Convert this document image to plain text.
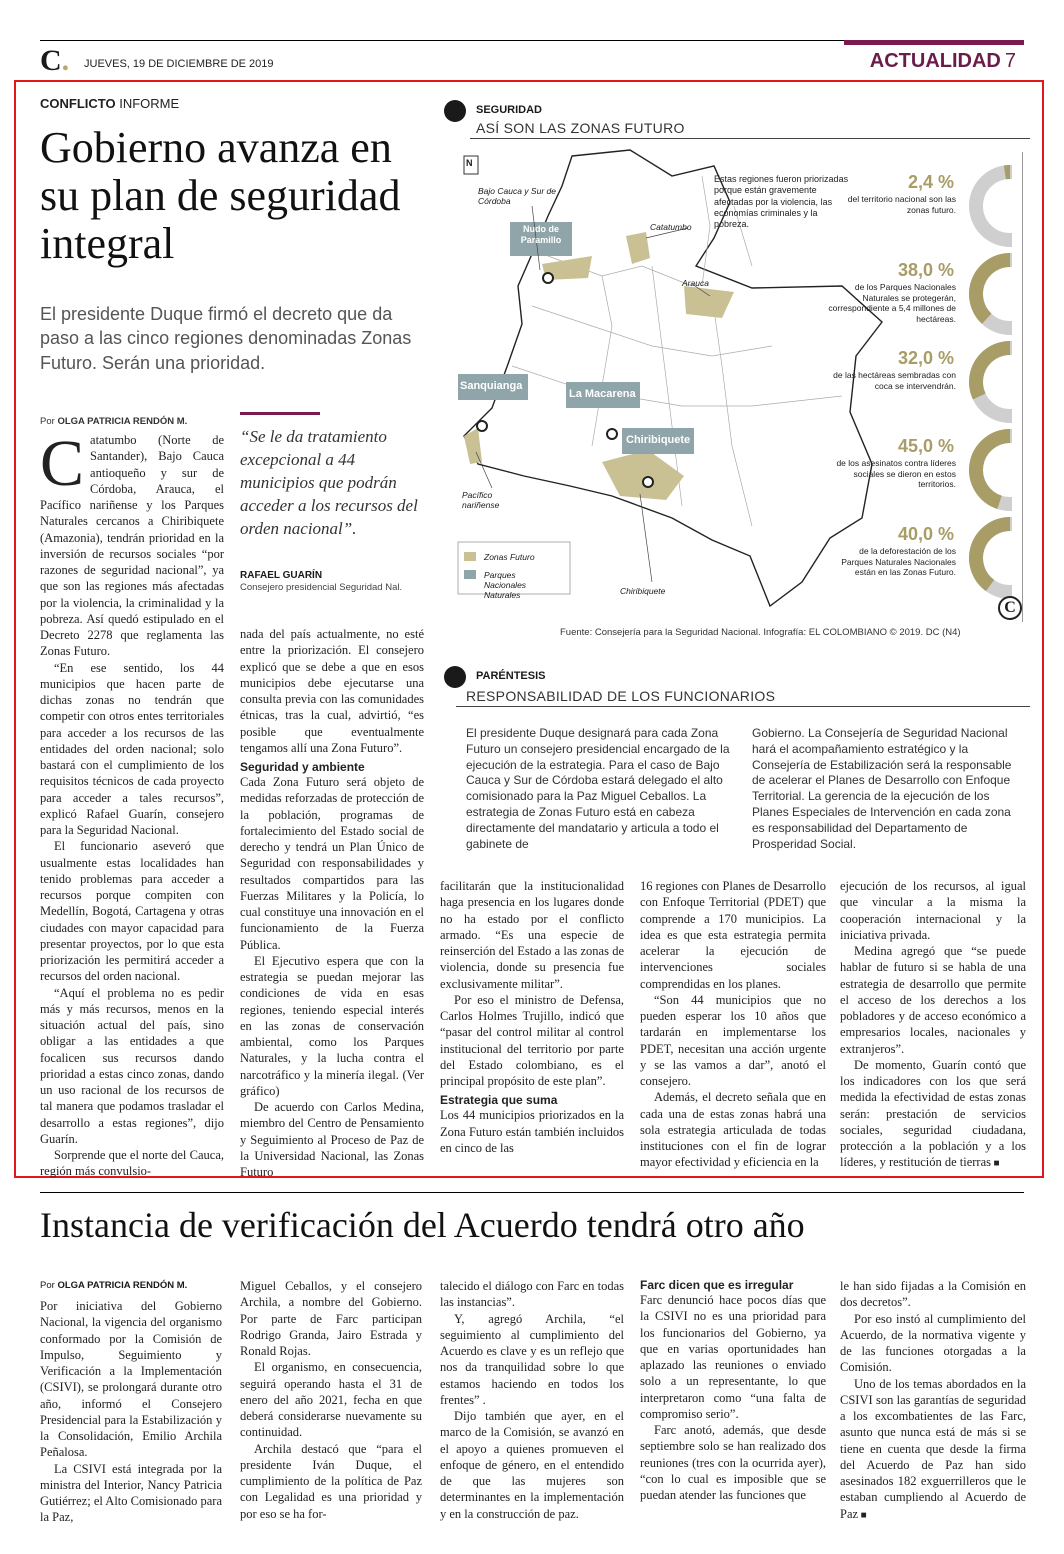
C. JUEVES, 19 DE DICIEMBRE DE 2019	ACTUALIDAD 7
CONFLICTO INFORME
Gobierno avanza en su plan de seguridad integral
El presidente Duque firmó el decreto que da paso a las cinco regiones denominadas Zonas Futuro. Serán una prioridad.
Por OLGA PATRICIA RENDÓN M.
C atatumbo (Norte de Santander), Bajo Cauca antioqueño y sur de Córdoba, Arauca, el Pacífico nariñense y los Parques Naturales cercanos a Chiribiquete (Amazonia), tendrán prioridad en la inversión de recursos sociales “por razones de seguridad nacional”, ya que son las regiones más afectadas por la violencia, la criminalidad y la pobreza. Así quedó estipulado en el Decreto 2278 que reglamenta las Zonas Futuro.

“En ese sentido, los 44 municipios que hacen parte de dichas zonas no tendrán que competir con otros entes territoriales para acceder a los recursos de las entidades del orden nacional; solo bastará con el cumplimiento de los requisitos técnicos de cada proyecto para acceder a tales recursos”, explicó Rafael Guarín, consejero para la Seguridad Nacional.

El funcionario aseveró que usualmente estas localidades han tenido problemas para acceder a recursos porque compiten con Medellín, Bogotá, Cartagena y otras ciudades con mayor capacidad para presentar proyectos, por lo que esta priorización les permitirá acceder a recursos del orden nacional.

“Aquí el problema no es pedir más y más recursos, menos en la situación actual del país, sino obligar a las entidades a que focalicen sus recursos dando prioridad a estas cinco zonas, dando un uso racional de los recursos de tal manera que podamos trasladar el desarrollo a estas regiones”, dijo Guarín.

Sorprende que el norte del Cauca, región más convulsio-

“Se le da tratamiento excepcional a 44 municipios que podrán acceder a los recursos del orden nacional”.
RAFAEL GUARÍN
Consejero presidencial Seguridad Nal.

nada del país actualmente, no esté entre la priorización. El consejero explicó que se debe a que en esos municipios debe ejecutarse una consulta previa con las comunidades étnicas, tras la cual, advirtió, “es posible que eventualmente tengamos allí una Zona Futuro”.

Seguridad y ambiente

Cada Zona Futuro será objeto de medidas reforzadas de protección de la población, programas de fortalecimiento del Estado social de derecho y tendrá un Plan Único de Seguridad con responsabilidades y resultados compartidos para las Fuerzas Militares y la Policía, lo cual constituye una innovación en el funcionamiento de la Fuerza Pública.

El Ejecutivo espera que con la estrategia se puedan mejorar las condiciones de vida en esas regiones, teniendo especial interés en las zonas de conservación ambiental, como los Parques Naturales, y la lucha contra el narcotráfico y la minería ilegal. (Ver gráfico)

De acuerdo con Carlos Medina, miembro del Centro de Pensamiento y Seguimiento al Proceso de Paz de la Universidad Nacional, las Zonas Futuro

facilitarán que la institucionalidad haga presencia en los lugares donde no ha estado por el conflicto armado. “Es una especie de reinserción del Estado a las zonas de violencia, donde su presencia fue exclusivamente militar”.

Por eso el ministro de Defensa, Carlos Holmes Trujillo, indicó que “pasar del control militar al control institucional del territorio por parte del Estado colombiano, es el principal propósito de este plan”.

Estrategia que suma

Los 44 municipios priorizados en la Zona Futuro están también incluidos en cinco de las

16 regiones con Planes de Desarrollo con Enfoque Territorial (PDET) que comprende a 170 municipios. La idea es que esta estrategia permita acelerar la ejecución de intervenciones sociales comprendidas en los planes.

“Son 44 municipios que no pueden esperar los 10 años que tardarán en implementarse los PDET, necesitan una acción urgente y se las vamos a dar”, anotó el consejero.

Además, el decreto señala que en cada una de estas zonas habrá una sola estrategia articulada de todas instituciones con el fin de lograr mayor efectividad y eficiencia en la

ejecución de los recursos, al igual que vincular a la misma la cooperación internacional y la iniciativa privada.

Medina agregó que “se puede hablar de futuro si se habla de una estrategia de desarrollo que permite el acceso de los derechos a los pobladores y de acceso económico a empresarios locales, nacionales y extranjeros”.

De momento, Guarín contó que los indicadores con los que será medida la efectividad de estas zonas serán: prestación de servicios sociales, seguridad ciudadana, protección a la población y a los líderes, y restitución de tierras ■

SEGURIDAD
ASÍ SON LAS ZONAS FUTURO
N
Bajo Cauca y Sur de Córdoba
Nudo de Paramillo
Catatumbo
Arauca
Sanquianga
La Macarena
Chiribiquete
Pacífico nariñense
Chiribiquete
Zonas Futuro
Parques Nacionales Naturales
Estas regiones fueron priorizadas porque están gravemente afectadas por la violencia, las economías criminales y la pobreza.
2,4 %
del territorio nacional son las zonas futuro.
38,0 %
de los Parques Nacionales Naturales se protegerán, correspondiente a 5,4 millones de hectáreas.
32,0 %
de las hectáreas sembradas con coca se intervendrán.
45,0 %
de los asesinatos contra líderes sociales se dieron en estos territorios.
40,0 %
de la deforestación de los Parques Naturales Nacionales están en las Zonas Futuro.
C
Fuente: Consejería para la Seguridad Nacional. Infografía: EL COLOMBIANO © 2019. DC (N4)
PARÉNTESIS
RESPONSABILIDAD DE LOS FUNCIONARIOS
El presidente Duque designará para cada Zona Futuro un consejero presidencial encargado de la ejecución de la estrategia. Para el caso de Bajo Cauca y Sur de Córdoba estará delegado el alto comisionado para la Paz Miguel Ceballos. La estrategia de Zonas Futuro está en cabeza directamente del mandatario y articula a todo el gabinete de
Gobierno. La Consejería de Seguridad Nacional hará el acompañamiento estratégico y la Consejería de Estabilización será la responsable de acelerar el Planes de Desarrollo con Enfoque Territorial. La gerencia de la ejecución de los Planes Especiales de Intervención en cada zona es responsabilidad del Departamento de Prosperidad Social.
Instancia de verificación del Acuerdo tendrá otro año
Por OLGA PATRICIA RENDÓN M.

Por iniciativa del Gobierno Nacional, la vigencia del organismo conformado por la Comisión de Impulso, Seguimiento y Verificación a la Implementación (CSIVI), se prolongará durante otro año, informó el Consejero Presidencial para la Estabilización y la Consolidación, Emilio Archila Peñalosa.

La CSIVI está integrada por la ministra del Interior, Nancy Patricia Gutiérrez; el Alto Comisionado para la Paz,

Miguel Ceballos, y el consejero Archila, a nombre del Gobierno. Por parte de Farc participan Rodrigo Granda, Jairo Estrada y Ronald Rojas.

El organismo, en consecuencia, seguirá operando hasta el 31 de enero del año 2021, fecha en que deberá considerarse nuevamente su continuidad.

Archila destacó que “para el presidente Iván Duque, el cumplimiento de la política de Paz con Legalidad es una prioridad y por eso se ha for-

talecido el diálogo con Farc en todas las instancias”.

Y, agregó Archila, “el seguimiento al cumplimiento del Acuerdo es clave y es un reflejo que nos da tranquilidad sobre lo que estamos haciendo en todos los frentes” .

Dijo también que ayer, en el marco de la Comisión, se avanzó en el apoyo a quienes promueven el enfoque de género, en el entendido de que las mujeres son determinantes en la implementación y en la construcción de paz.

Farc dicen que es irregular

Farc denunció hace pocos días que la CSIVI no es una prioridad para los funcionarios del Gobierno, ya que en varias oportunidades han aplazado las reuniones o enviado solo a un representante, lo que interpretaron como “una falta de compromiso serio”.

Farc anotó, además, que desde septiembre solo se han realizado dos reuniones (tres con la ocurrida ayer), “con lo cual es imposible que se puedan atender las funciones que

le han sido fijadas a la Comisión en dos decretos”.

Por eso instó al cumplimiento del Acuerdo, de la normativa vigente y de las funciones otorgadas a la Comisión.

Uno de los temas abordados en la CSIVI son las garantías de seguridad a los excombatientes de las Farc, asunto que nunca está de más si se tiene en cuenta que desde la firma del Acuerdo de Paz han sido asesinados 182 exguerrilleros que le estaban cumpliendo al Acuerdo de Paz ■
